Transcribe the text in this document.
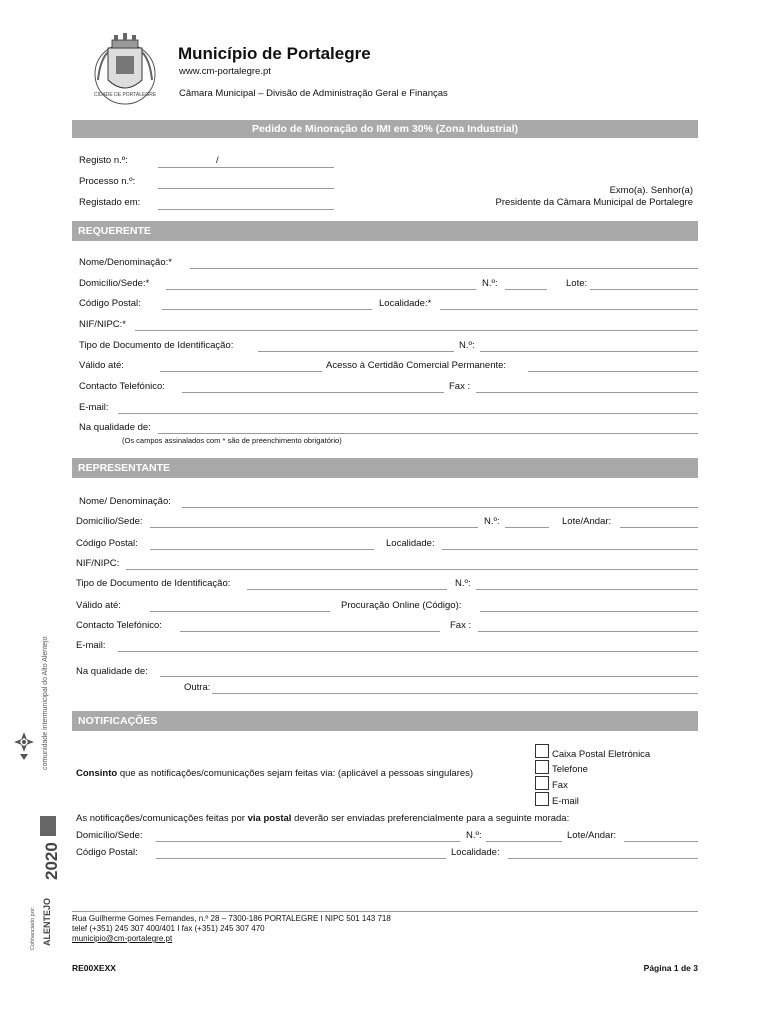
CIDADE DE PORTALEGRE
Município de Portalegre
www.cm-portalegre.pt
Câmara Municipal – Divisão de Administração Geral e Finanças
Pedido de Minoração do IMI em 30% (Zona Industrial)
Registo n.º:	/
Processo n.º:
Registado em:
Exmo(a). Senhor(a)
Presidente da Câmara Municipal de Portalegre
REQUERENTE
Nome/Denominação:*
Domicílio/Sede:*	N.º:	Lote:
Código Postal:	Localidade:*
NIF/NIPC:*
Tipo de Documento de Identificação:	N.º:
Válido até:	Acesso à Certidão Comercial Permanente:
Contacto Telefónico:	Fax :
E-mail:
Na qualidade de:
(Os campos assinalados com * são de preenchimento obrigatório)
REPRESENTANTE
Nome/ Denominação:
Domicílio/Sede:	N.º:	Lote/Andar:
Código Postal:	Localidade:
NIF/NIPC:
Tipo de Documento de Identificação:	N.º:
Válido até:	Procuração Online (Código):
Contacto Telefónico:	Fax :
E-mail:
Na qualidade de:
Outra:
NOTIFICAÇÕES
Caixa Postal Eletrónica
Telefone
Fax
E-mail
Consinto que as notificações/comunicações sejam feitas via: (aplicável a pessoas singulares)
As notificações/comunicações feitas por via postal deverão ser enviadas preferencialmente para a seguinte morada:
Domicílio/Sede:	N.º:	Lote/Andar:
Código Postal:	Localidade:
Rua Guilherme Gomes Fernandes, n.º 28 – 7300-186 PORTALEGRE I NIPC 501 143 718
telef (+351) 245 307 400/401 I fax (+351) 245 307 470
municipio@cm-portalegre.pt
RE00XEXX	Página 1 de 3
comunidade intermunicipal do Alto Alentejo
2020
ALENTEJO
Cofinanciado por:
